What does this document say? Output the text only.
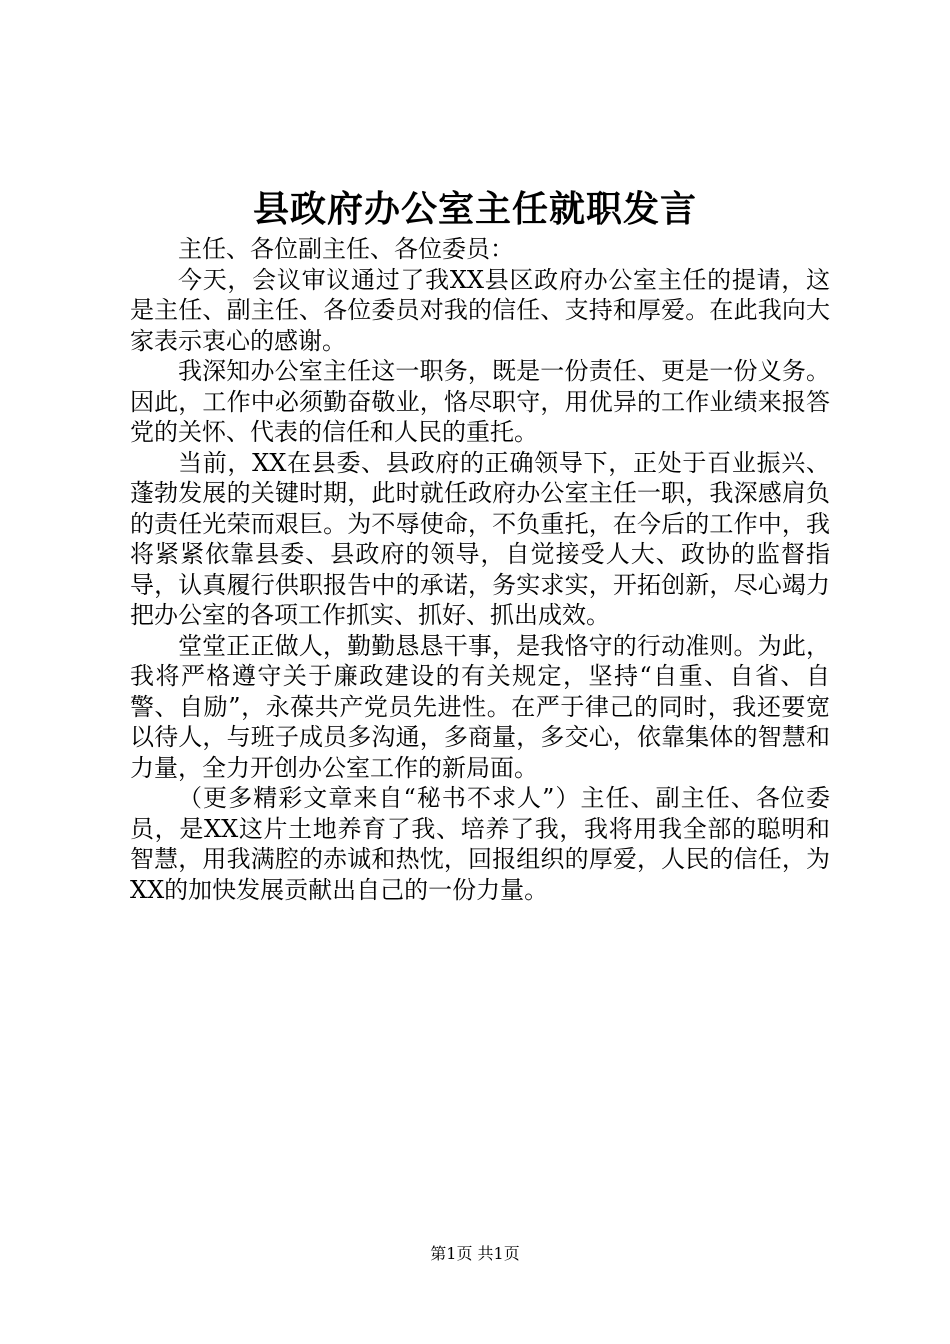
县政府办公室主任就职发言

主任、各位副主任、各位委员：

今天，会议审议通过了我XX县区政府办公室主任的提请，这是主任、副主任、各位委员对我的信任、支持和厚爱。在此我向大家表示衷心的感谢。

我深知办公室主任这一职务，既是一份责任、更是一份义务。因此，工作中必须勤奋敬业，恪尽职守，用优异的工作业绩来报答党的关怀、代表的信任和人民的重托。

当前，XX在县委、县政府的正确领导下，正处于百业振兴、蓬勃发展的关键时期，此时就任政府办公室主任一职，我深感肩负的责任光荣而艰巨。为不辱使命，不负重托，在今后的工作中，我将紧紧依靠县委、县政府的领导，自觉接受人大、政协的监督指导，认真履行供职报告中的承诺，务实求实，开拓创新，尽心竭力把办公室的各项工作抓实、抓好、抓出成效。

堂堂正正做人，勤勤恳恳干事，是我恪守的行动准则。为此，我将严格遵守关于廉政建设的有关规定，坚持“自重、自省、自警、自励”，永葆共产党员先进性。在严于律己的同时，我还要宽以待人，与班子成员多沟通，多商量，多交心，依靠集体的智慧和力量，全力开创办公室工作的新局面。

（更多精彩文章来自“秘书不求人”）主任、副主任、各位委员，是XX这片土地养育了我、培养了我，我将用我全部的聪明和智慧，用我满腔的赤诚和热忱，回报组织的厚爱，人民的信任，为XX的加快发展贡献出自己的一份力量。

第1页 共1页
